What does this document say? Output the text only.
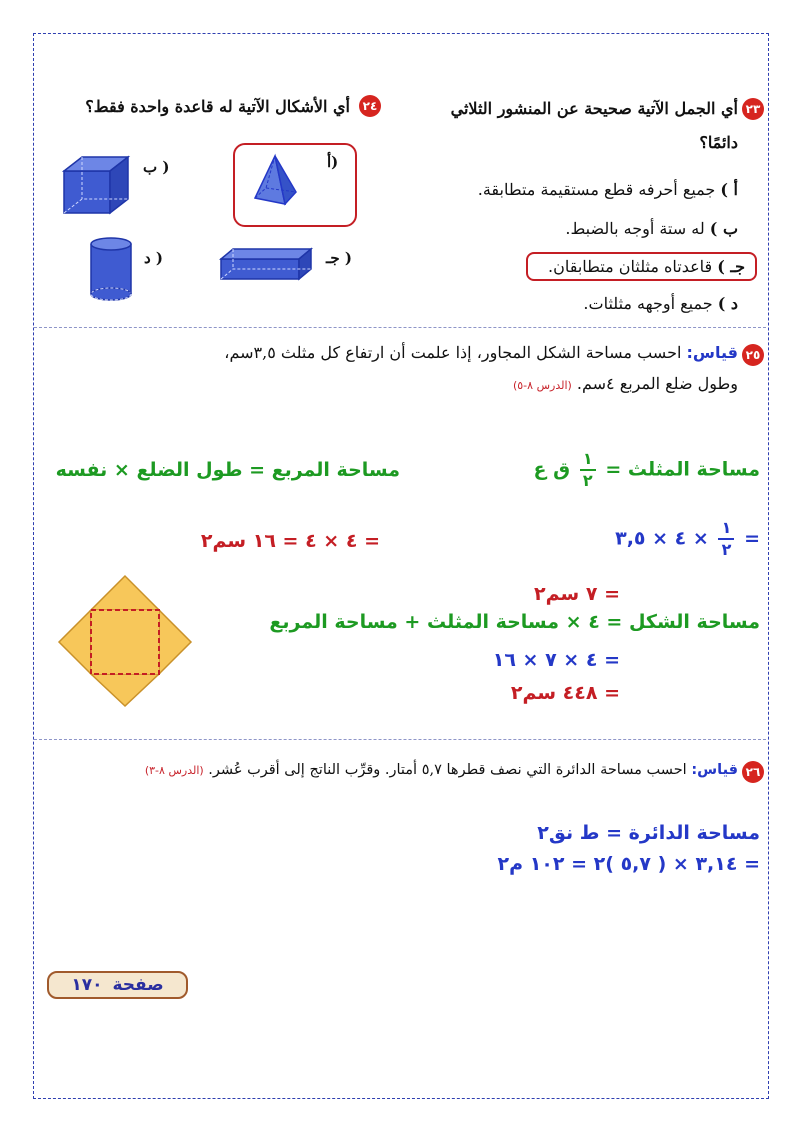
٢٣
أي الجمل الآتية صحيحة عن المنشور الثلاثي
دائمًا؟
أ ) جميع أحرفه قطع مستقيمة متطابقة.
ب ) له ستة أوجه بالضبط.
جـ ) قاعدتاه مثلثان متطابقان.
د ) جميع أوجهه مثلثات.
٢٤
أي الأشكال الآتية له قاعدة واحدة فقط؟
أ)
ب )
جـ )
د )
٢٥
قياس: احسب مساحة الشكل المجاور، إذا علمت أن ارتفاع كل مثلث ٣,٥سم،
وطول ضلع المربع ٤سم. (الدرس ٨-٥)
مساحة المثلث =
$\frac{١}{٢}$
ق ع
مساحة المربع = طول الضلع × نفسه
=
$\frac{١}{٢}$
× ٤ × ٣,٥
= ٤ × ٤ = ١٦ سم٢
= ٧ سم٢
مساحة الشكل = ٤ × مساحة المثلث + مساحة المربع
= ٤ × ٧ × ١٦
= ٤٤٨ سم٢
٢٦
قياس: احسب مساحة الدائرة التي نصف قطرها ٥,٧ أمتار. وقرِّب الناتج إلى أقرب عُشر. (الدرس ٨-٣)
مساحة الدائرة = ط نق٢
= ٣,١٤ × ( ٥,٧ )٢ = ١٠٢ م٢
صفحة
١٧٠
